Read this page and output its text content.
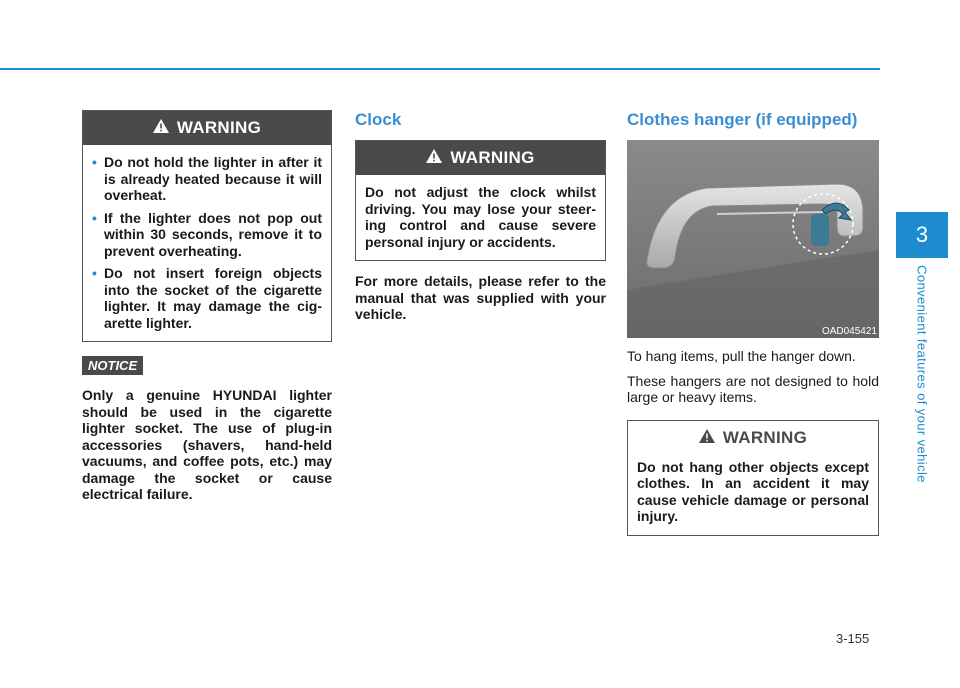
WARNING
• Do not hold the lighter in after it is already heated because it will overheat.
• If the lighter does not pop out within 30 seconds, remove it to prevent overheating.
• Do not insert foreign objects into the socket of the cigarette lighter. It may damage the cig-arette lighter.
NOTICE

Only a genuine HYUNDAI lighter should be used in the cigarette lighter socket. The use of plug-in accessories (shavers, hand-held vacuums, and coffee pots, etc.) may damage the socket or cause electrical failure.

Clock
WARNING
Do not adjust the clock whilst driving. You may lose your steer-ing control and cause severe personal injury or accidents.

For more details, please refer to the manual that was supplied with your vehicle.

Clothes hanger (if equipped)
OAD045421

To hang items, pull the hanger down.

These hangers are not designed to hold large or heavy items.

WARNING
Do not hang other objects except clothes. In an accident it may cause vehicle damage or personal injury.
3
Convenient features of your vehicle
3-155
